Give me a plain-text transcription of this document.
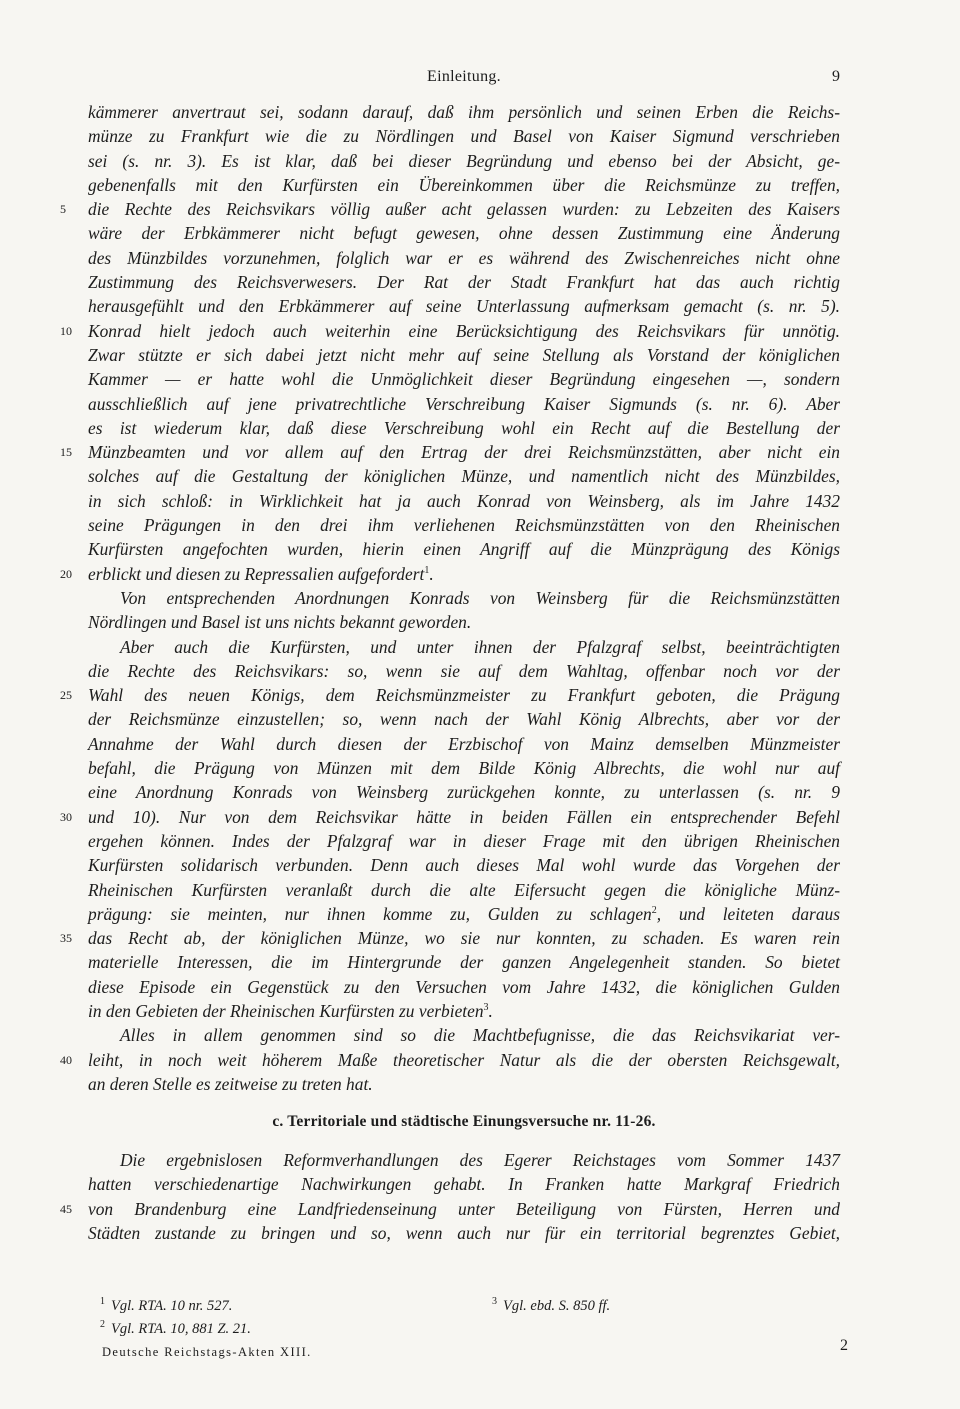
Einleitung.	9
kämmerer anvertraut sei, sodann darauf, daß ihm persönlich und seinen Erben die Reichs-
münze zu Frankfurt wie die zu Nördlingen und Basel von Kaiser Sigmund verschrieben
sei (s. nr. 3). Es ist klar, daß bei dieser Begründung und ebenso bei der Absicht, ge-
gebenenfalls mit den Kurfürsten ein Übereinkommen über die Reichsmünze zu treffen,
5	die Rechte des Reichsvikars völlig außer acht gelassen wurden: zu Lebzeiten des Kaisers
wäre der Erbkämmerer nicht befugt gewesen, ohne dessen Zustimmung eine Änderung
des Münzbildes vorzunehmen, folglich war er es während des Zwischenreiches nicht ohne
Zustimmung des Reichsverwesers. Der Rat der Stadt Frankfurt hat das auch richtig
herausgefühlt und den Erbkämmerer auf seine Unterlassung aufmerksam gemacht (s. nr. 5).
10 Konrad hielt jedoch auch weiterhin eine Berücksichtigung des Reichsvikars für unnötig.
Zwar stützte er sich dabei jetzt nicht mehr auf seine Stellung als Vorstand der königlichen
Kammer — er hatte wohl die Unmöglichkeit dieser Begründung eingesehen —, sondern
ausschließlich auf jene privatrechtliche Verschreibung Kaiser Sigmunds (s. nr. 6). Aber
es ist wiederum klar, daß diese Verschreibung wohl ein Recht auf die Bestellung der
15 Münzbeamten und vor allem auf den Ertrag der drei Reichsmünzstätten, aber nicht ein
solches auf die Gestaltung der königlichen Münze, und namentlich nicht des Münzbildes,
in sich schloß: in Wirklichkeit hat ja auch Konrad von Weinsberg, als im Jahre 1432
seine Prägungen in den drei ihm verliehenen Reichsmünzstätten von den Rheinischen
Kurfürsten angefochten wurden, hierin einen Angriff auf die Münzprägung des Königs
20 erblickt und diesen zu Repressalien aufgefordert$^1$.
Von entsprechenden Anordnungen Konrads von Weinsberg für die Reichsmünzstätten
Nördlingen und Basel ist uns nichts bekannt geworden.
Aber auch die Kurfürsten, und unter ihnen der Pfalzgraf selbst, beeinträchtigten
die Rechte des Reichsvikars: so, wenn sie auf dem Wahltag, offenbar noch vor der
25 Wahl des neuen Königs, dem Reichsmünzmeister zu Frankfurt geboten, die Prägung
der Reichsmünze einzustellen; so, wenn nach der Wahl König Albrechts, aber vor der
Annahme der Wahl durch diesen der Erzbischof von Mainz demselben Münzmeister
befahl, die Prägung von Münzen mit dem Bilde König Albrechts, die wohl nur auf
eine Anordnung Konrads von Weinsberg zurückgehen konnte, zu unterlassen (s. nr. 9
30 und 10). Nur von dem Reichsvikar hätte in beiden Fällen ein entsprechender Befehl
ergehen können. Indes der Pfalzgraf war in dieser Frage mit den übrigen Rheinischen
Kurfürsten solidarisch verbunden. Denn auch dieses Mal wohl wurde das Vorgehen der
Rheinischen Kurfürsten veranlaßt durch die alte Eifersucht gegen die königliche Münz-
prägung: sie meinten, nur ihnen komme zu, Gulden zu schlagen$^2$, und leiteten daraus
35 das Recht ab, der königlichen Münze, wo sie nur konnten, zu schaden. Es waren rein
materielle Interessen, die im Hintergrunde der ganzen Angelegenheit standen. So bietet
diese Episode ein Gegenstück zu den Versuchen vom Jahre 1432, die königlichen Gulden
in den Gebieten der Rheinischen Kurfürsten zu verbieten$^3$.
Alles in allem genommen sind so die Machtbefugnisse, die das Reichsvikariat ver-
40 leiht, in noch weit höherem Maße theoretischer Natur als die der obersten Reichsgewalt,
an deren Stelle es zeitweise zu treten hat.
c. Territoriale und städtische Einungsversuche nr. 11-26.
Die ergebnislosen Reformverhandlungen des Egerer Reichstages vom Sommer 1437
hatten verschiedenartige Nachwirkungen gehabt. In Franken hatte Markgraf Friedrich
45 von Brandenburg eine Landfriedenseinung unter Beteiligung von Fürsten, Herren und
Städten zustande zu bringen und so, wenn auch nur für ein territorial begrenztes Gebiet,
$^1$ Vgl. RTA. 10 nr. 527.
$^2$ Vgl. RTA. 10, 881 Z. 21.
$^3$ Vgl. ebd. S. 850 ff.
Deutsche Reichstags-Akten XIII.	2
